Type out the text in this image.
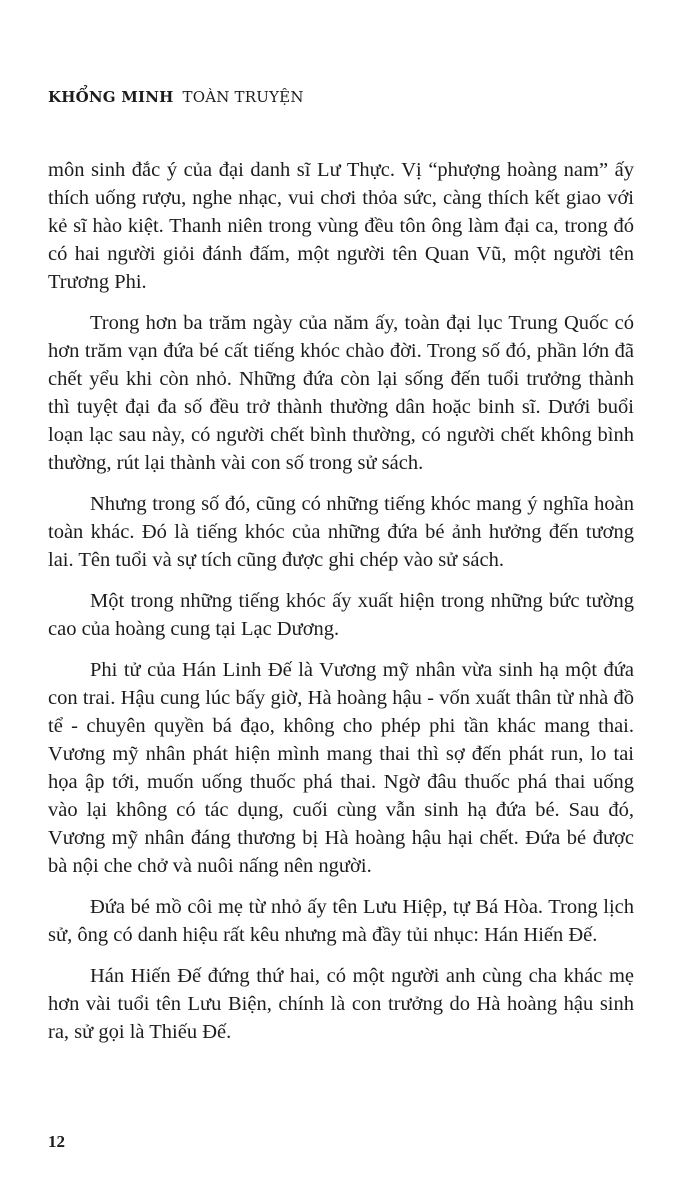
KHỔNG MINH TOÀN TRUYỆN

môn sinh đắc ý của đại danh sĩ Lư Thực. Vị “phượng hoàng nam” ấy thích uống rượu, nghe nhạc, vui chơi thỏa sức, càng thích kết giao với kẻ sĩ hào kiệt. Thanh niên trong vùng đều tôn ông làm đại ca, trong đó có hai người giỏi đánh đấm, một người tên Quan Vũ, một người tên Trương Phi.

Trong hơn ba trăm ngày của năm ấy, toàn đại lục Trung Quốc có hơn trăm vạn đứa bé cất tiếng khóc chào đời. Trong số đó, phần lớn đã chết yểu khi còn nhỏ. Những đứa còn lại sống đến tuổi trưởng thành thì tuyệt đại đa số đều trở thành thường dân hoặc binh sĩ. Dưới buổi loạn lạc sau này, có người chết bình thường, có người chết không bình thường, rút lại thành vài con số trong sử sách.

Nhưng trong số đó, cũng có những tiếng khóc mang ý nghĩa hoàn toàn khác. Đó là tiếng khóc của những đứa bé ảnh hưởng đến tương lai. Tên tuổi và sự tích cũng được ghi chép vào sử sách.

Một trong những tiếng khóc ấy xuất hiện trong những bức tường cao của hoàng cung tại Lạc Dương.

Phi tử của Hán Linh Đế là Vương mỹ nhân vừa sinh hạ một đứa con trai. Hậu cung lúc bấy giờ, Hà hoàng hậu - vốn xuất thân từ nhà đồ tể - chuyên quyền bá đạo, không cho phép phi tần khác mang thai. Vương mỹ nhân phát hiện mình mang thai thì sợ đến phát run, lo tai họa ập tới, muốn uống thuốc phá thai. Ngờ đâu thuốc phá thai uống vào lại không có tác dụng, cuối cùng vẫn sinh hạ đứa bé. Sau đó, Vương mỹ nhân đáng thương bị Hà hoàng hậu hại chết. Đứa bé được bà nội che chở và nuôi nấng nên người.

Đứa bé mồ côi mẹ từ nhỏ ấy tên Lưu Hiệp, tự Bá Hòa. Trong lịch sử, ông có danh hiệu rất kêu nhưng mà đầy tủi nhục: Hán Hiến Đế.

Hán Hiến Đế đứng thứ hai, có một người anh cùng cha khác mẹ hơn vài tuổi tên Lưu Biện, chính là con trưởng do Hà hoàng hậu sinh ra, sử gọi là Thiếu Đế.

12
